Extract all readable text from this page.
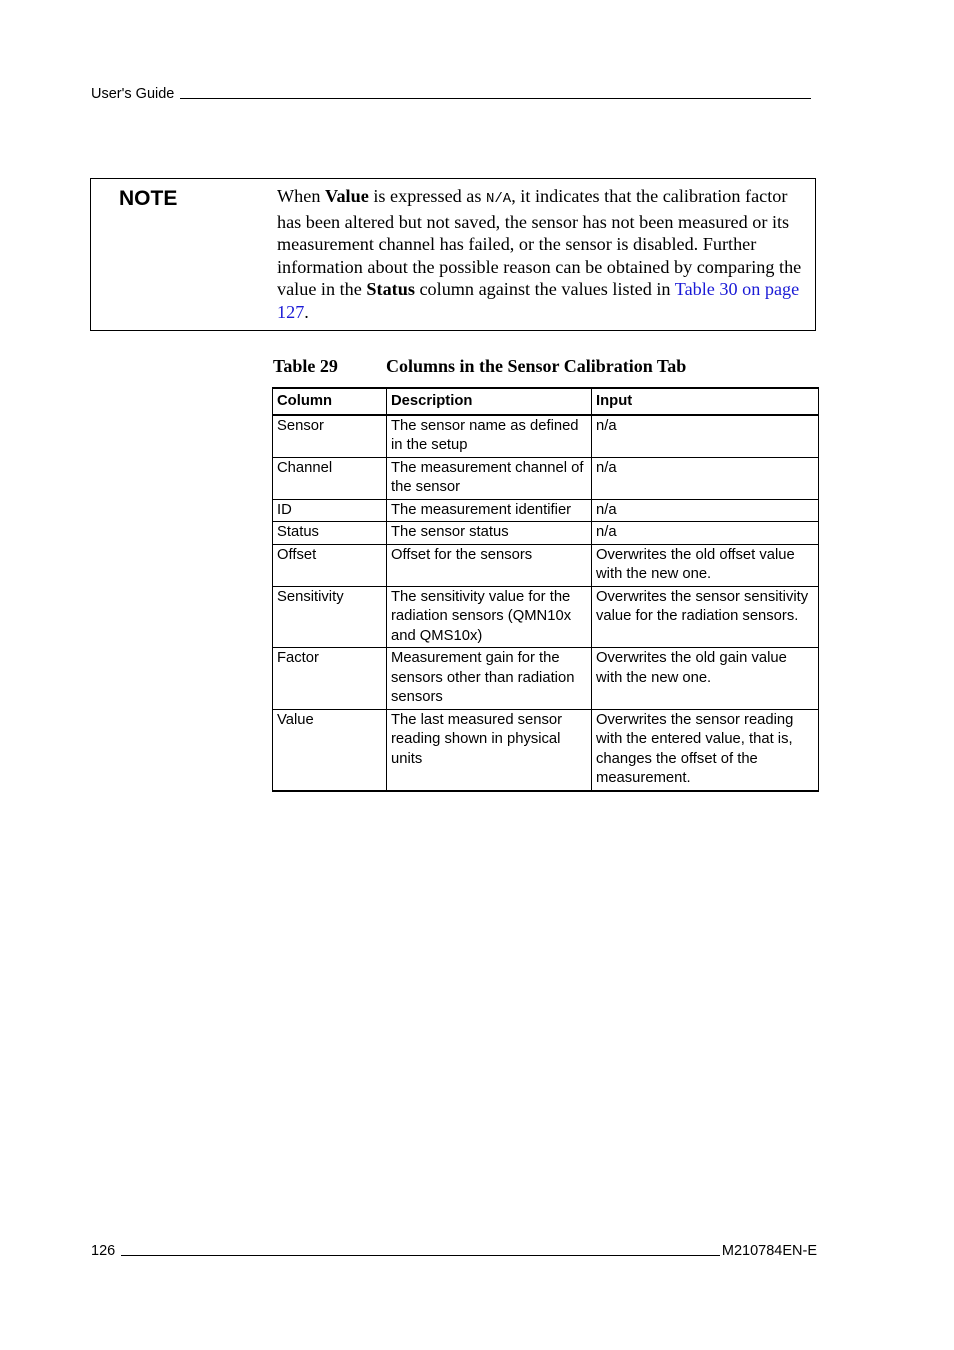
User's Guide
NOTE	When Value is expressed as N/A, it indicates that the calibration factor has been altered but not saved, the sensor has not been measured or its measurement channel has failed, or the sensor is disabled. Further information about the possible reason can be obtained by comparing the value in the Status column against the values listed in Table 30 on page 127.
Table 29	Columns in the Sensor Calibration Tab
Column	Description	Input
Sensor	The sensor name as defined in the setup	n/a
Channel	The measurement channel of the sensor	n/a
ID	The measurement identifier	n/a
Status	The sensor status	n/a
Offset	Offset for the sensors	Overwrites the old offset value with the new one.
Sensitivity	The sensitivity value for the radiation sensors (QMN10x and QMS10x)	Overwrites the sensor sensitivity value for the radiation sensors.
Factor	Measurement gain for the sensors other than radiation sensors	Overwrites the old gain value with the new one.
Value	The last measured sensor reading shown in physical units	Overwrites the sensor reading with the entered value, that is, changes the offset of the measurement.
126	M210784EN-E
